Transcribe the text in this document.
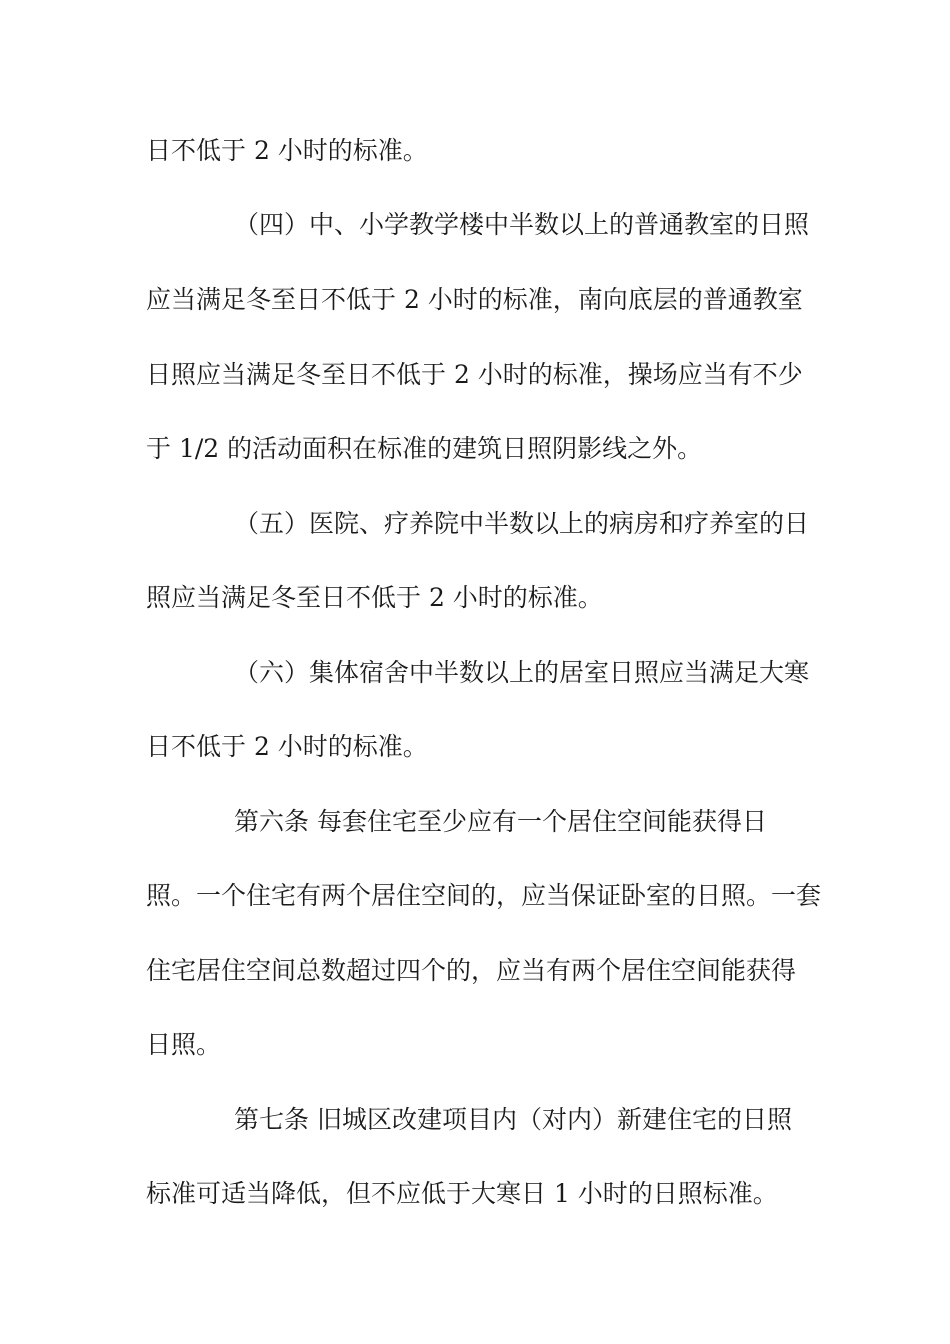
日不低于 2 小时的标准。
（四）中、小学教学楼中半数以上的普通教室的日照
应当满足冬至日不低于 2 小时的标准，南向底层的普通教室
日照应当满足冬至日不低于 2 小时的标准，操场应当有不少
于 1/2 的活动面积在标准的建筑日照阴影线之外。
（五）医院、疗养院中半数以上的病房和疗养室的日
照应当满足冬至日不低于 2 小时的标准。
（六）集体宿舍中半数以上的居室日照应当满足大寒
日不低于 2 小时的标准。
第六条 每套住宅至少应有一个居住空间能获得日
照。一个住宅有两个居住空间的，应当保证卧室的日照。一套
住宅居住空间总数超过四个的，应当有两个居住空间能获得
日照。
第七条 旧城区改建项目内（对内）新建住宅的日照
标准可适当降低，但不应低于大寒日 1 小时的日照标准。
